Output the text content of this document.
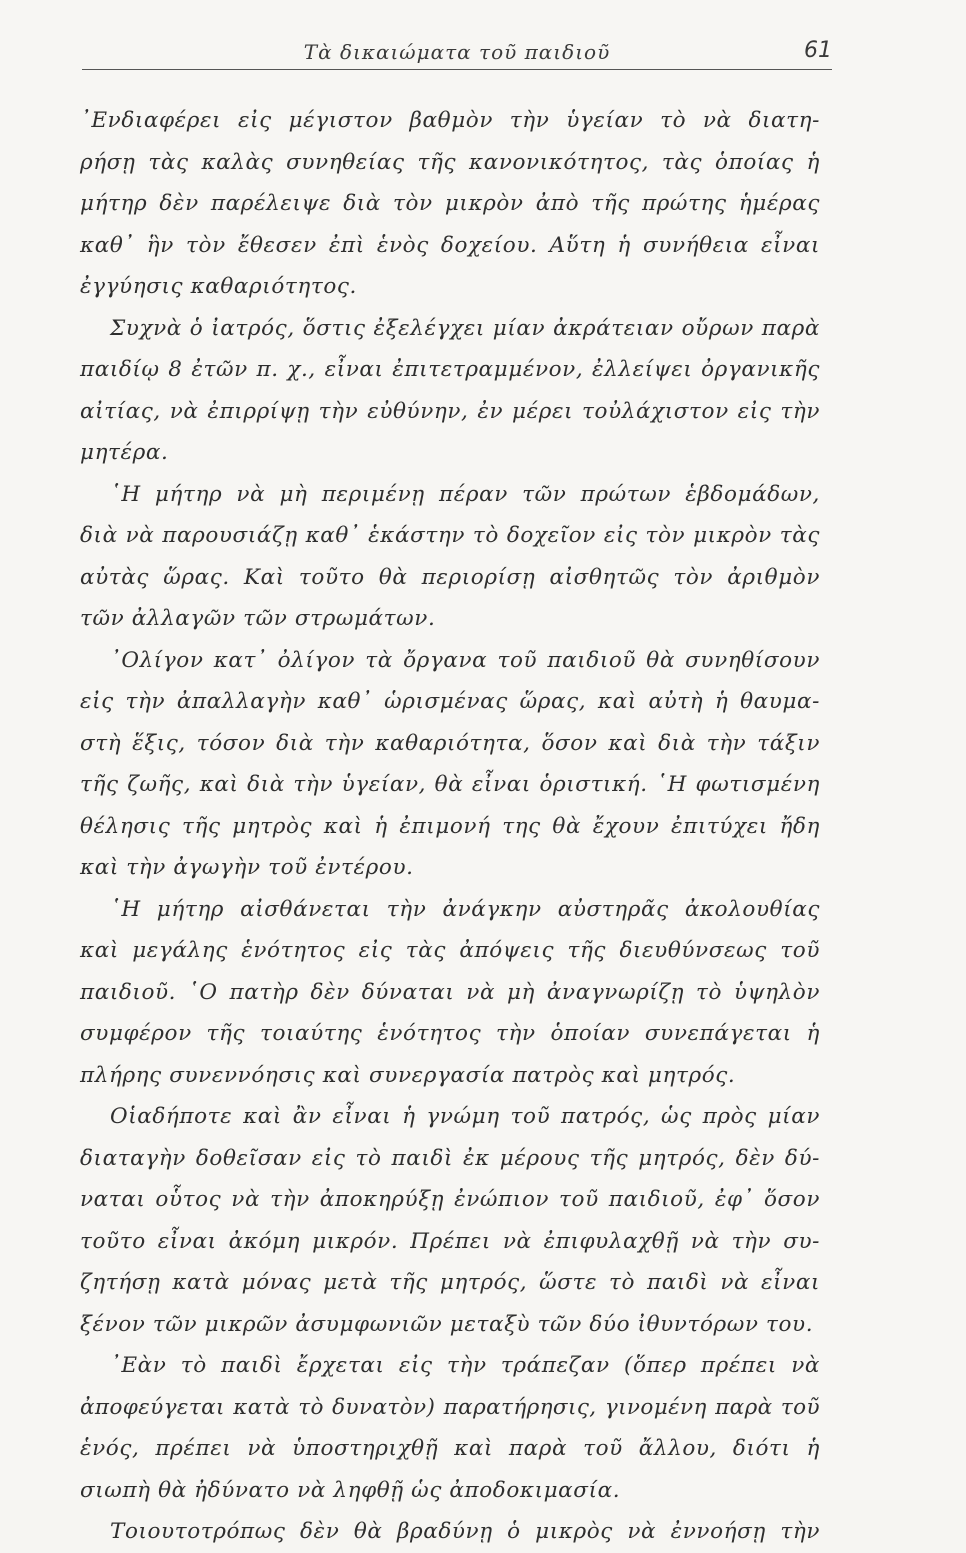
Τὰ δικαιώματα τοῦ παιδιοῦ	61
᾿Ενδιαφέρει εἰς μέγιστον βαθμὸν τὴν ὑγείαν τὸ νὰ διατη-
ρήσῃ τὰς καλὰς συνηθείας τῆς κανονικότητος, τὰς ὁποίας ἡ
μήτηρ δὲν παρέλειψε διὰ τὸν μικρὸν ἀπὸ τῆς πρώτης ἡμέρας
καθ᾿ ἣν τὸν ἔθεσεν ἐπὶ ἑνὸς δοχείου. Αὕτη ἡ συνήθεια εἶναι
ἐγγύησις καθαριότητος.
Συχνὰ ὁ ἰατρός, ὅστις ἐξελέγχει μίαν ἀκράτειαν οὔρων παρὰ
παιδίῳ 8 ἐτῶν π. χ., εἶναι ἐπιτετραμμένον, ἐλλείψει ὀργανικῆς
αἰτίας, νὰ ἐπιρρίψῃ τὴν εὐθύνην, ἐν μέρει τοὐλάχιστον εἰς τὴν
μητέρα.
῾Η μήτηρ νὰ μὴ περιμένῃ πέραν τῶν πρώτων ἑβδομάδων,
διὰ νὰ παρουσιάζῃ καθ᾿ ἑκάστην τὸ δοχεῖον εἰς τὸν μικρὸν τὰς
αὐτὰς ὥρας. Καὶ τοῦτο θὰ περιορίσῃ αἰσθητῶς τὸν ἀριθμὸν
τῶν ἀλλαγῶν τῶν στρωμάτων.
᾿Ολίγον κατ᾿ ὀλίγον τὰ ὄργανα τοῦ παιδιοῦ θὰ συνηθίσουν
εἰς τὴν ἀπαλλαγὴν καθ᾿ ὡρισμένας ὥρας, καὶ αὐτὴ ἡ θαυμα-
στὴ ἕξις, τόσον διὰ τὴν καθαριότητα, ὅσον καὶ διὰ τὴν τάξιν
τῆς ζωῆς, καὶ διὰ τὴν ὑγείαν, θὰ εἶναι ὁριστική. ῾Η φωτισμένη
θέλησις τῆς μητρὸς καὶ ἡ ἐπιμονή της θὰ ἔχουν ἐπιτύχει ἤδη
καὶ τὴν ἀγωγὴν τοῦ ἐντέρου.
῾Η μήτηρ αἰσθάνεται τὴν ἀνάγκην αὐστηρᾶς ἀκολουθίας
καὶ μεγάλης ἑνότητος εἰς τὰς ἀπόψεις τῆς διευθύνσεως τοῦ
παιδιοῦ. ῾Ο πατὴρ δὲν δύναται νὰ μὴ ἀναγνωρίζῃ τὸ ὑψηλὸν
συμφέρον τῆς τοιαύτης ἑνότητος τὴν ὁποίαν συνεπάγεται ἡ
πλήρης συνεννόησις καὶ συνεργασία πατρὸς καὶ μητρός.
Οἱαδήποτε καὶ ἂν εἶναι ἡ γνώμη τοῦ πατρός, ὡς πρὸς μίαν
διαταγὴν δοθεῖσαν εἰς τὸ παιδὶ ἐκ μέρους τῆς μητρός, δὲν δύ-
ναται οὗτος νὰ τὴν ἀποκηρύξῃ ἐνώπιον τοῦ παιδιοῦ, ἐφ᾿ ὅσον
τοῦτο εἶναι ἀκόμη μικρόν. Πρέπει νὰ ἐπιφυλαχθῇ νὰ τὴν συ-
ζητήσῃ κατὰ μόνας μετὰ τῆς μητρός, ὥστε τὸ παιδὶ νὰ εἶναι
ξένον τῶν μικρῶν ἀσυμφωνιῶν μεταξὺ τῶν δύο ἰθυντόρων του.
᾿Εὰν τὸ παιδὶ ἔρχεται εἰς τὴν τράπεζαν (ὅπερ πρέπει νὰ
ἀποφεύγεται κατὰ τὸ δυνατὸν) παρατήρησις, γινομένη παρὰ τοῦ
ἑνός, πρέπει νὰ ὑποστηριχθῇ καὶ παρὰ τοῦ ἄλλου, διότι ἡ
σιωπὴ θὰ ἠδύνατο νὰ ληφθῇ ὡς ἀποδοκιμασία.
Τοιουτοτρόπως δὲν θὰ βραδύνῃ ὁ μικρὸς νὰ ἐννοήσῃ τὴν
